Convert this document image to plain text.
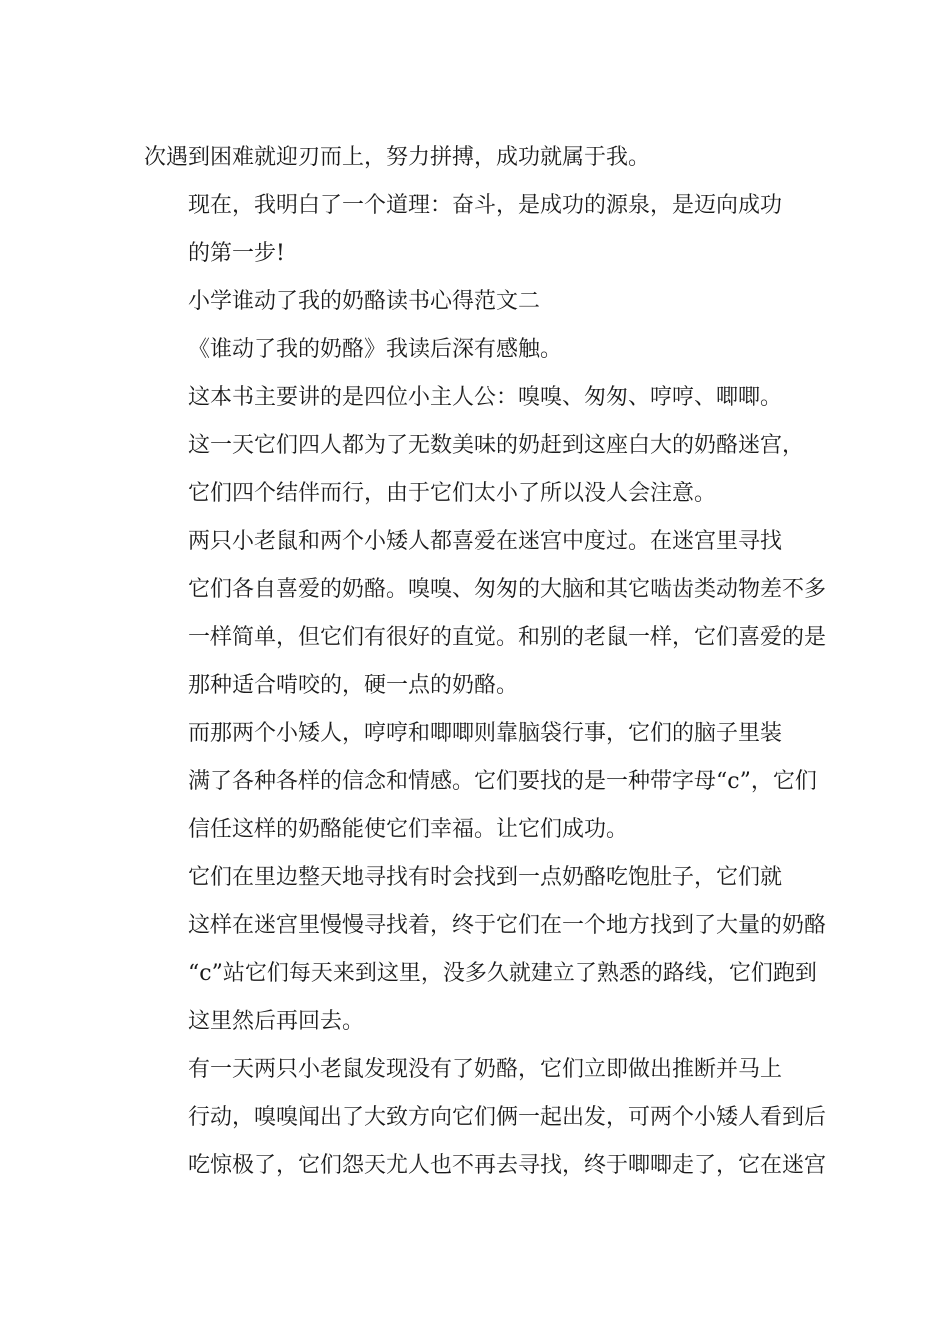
次遇到困难就迎刃而上，努力拼搏，成功就属于我。

现在，我明白了一个道理：奋斗，是成功的源泉，是迈向成功
的第一步!

小学谁动了我的奶酪读书心得范文二

《谁动了我的奶酪》我读后深有感触。

这本书主要讲的是四位小主人公：嗅嗅、匆匆、哼哼、唧唧。

这一天它们四人都为了无数美味的奶赶到这座白大的奶酪迷宫，
它们四个结伴而行，由于它们太小了所以没人会注意。

两只小老鼠和两个小矮人都喜爱在迷宫中度过。在迷宫里寻找
它们各自喜爱的奶酪。嗅嗅、匆匆的大脑和其它啮齿类动物差不多
一样简单，但它们有很好的直觉。和别的老鼠一样，它们喜爱的是
那种适合啃咬的，硬一点的奶酪。

而那两个小矮人，哼哼和唧唧则靠脑袋行事，它们的脑子里装
满了各种各样的信念和情感。它们要找的是一种带字母“c”，它们
信任这样的奶酪能使它们幸福。让它们成功。

它们在里边整天地寻找有时会找到一点奶酪吃饱肚子，它们就
这样在迷宫里慢慢寻找着，终于它们在一个地方找到了大量的奶酪
“c”站它们每天来到这里，没多久就建立了熟悉的路线，它们跑到
这里然后再回去。

有一天两只小老鼠发现没有了奶酪，它们立即做出推断并马上
行动，嗅嗅闻出了大致方向它们俩一起出发，可两个小矮人看到后
吃惊极了，它们怨天尤人也不再去寻找，终于唧唧走了，它在迷宫
